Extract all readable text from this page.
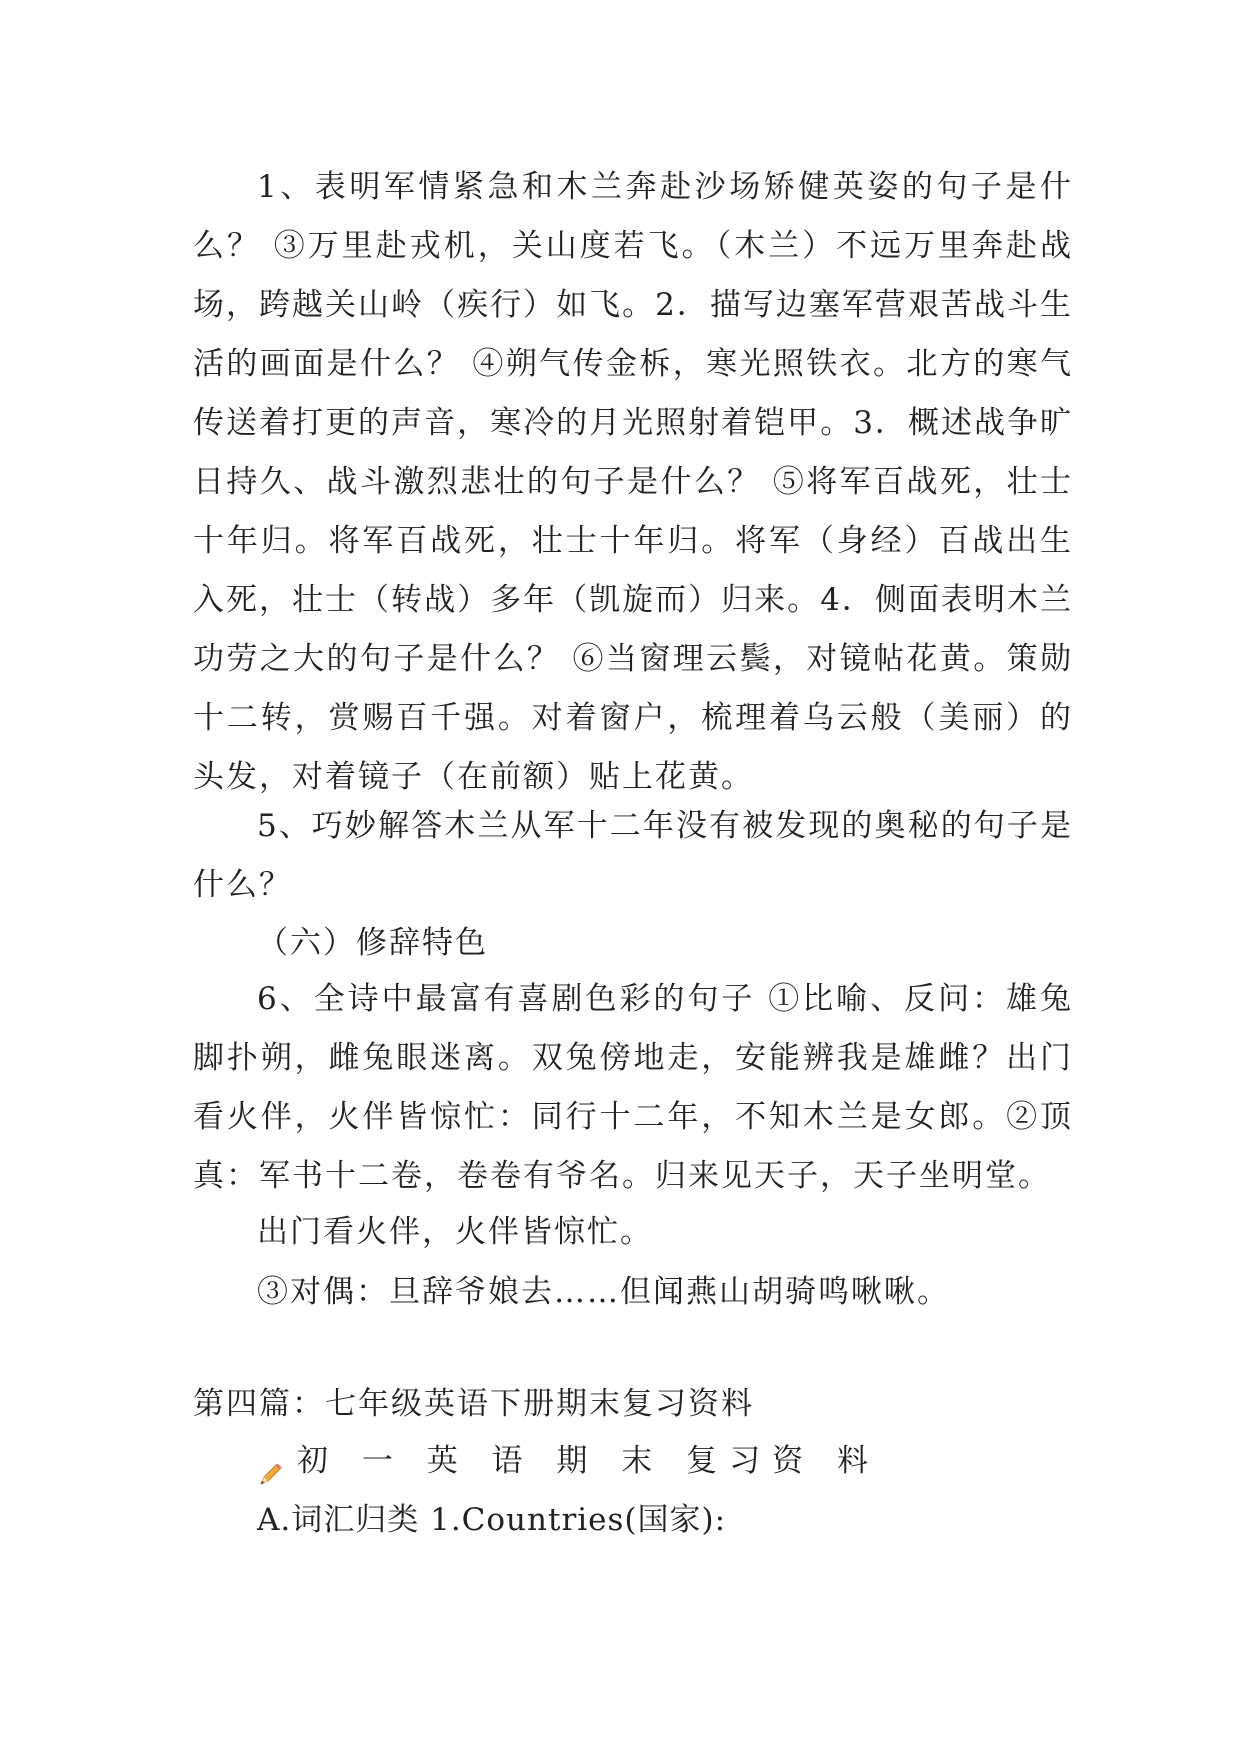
1、表明军情紧急和木兰奔赴沙场矫健英姿的句子是什么？ ③万里赴戎机，关山度若飞。（木兰）不远万里奔赴战场，跨越关山岭（疾行）如飞。2．描写边塞军营艰苦战斗生活的画面是什么？ ④朔气传金柝，寒光照铁衣。北方的寒气传送着打更的声音，寒冷的月光照射着铠甲。3．概述战争旷日持久、战斗激烈悲壮的句子是什么？ ⑤将军百战死，壮士十年归。将军百战死，壮士十年归。将军（身经）百战出生入死，壮士（转战）多年（凯旋而）归来。4．侧面表明木兰功劳之大的句子是什么？ ⑥当窗理云鬓，对镜帖花黄。策勋十二转，赏赐百千强。对着窗户，梳理着乌云般（美丽）的头发，对着镜子（在前额）贴上花黄。

5、巧妙解答木兰从军十二年没有被发现的奥秘的句子是什么？

（六）修辞特色

6、全诗中最富有喜剧色彩的句子 ①比喻、反问：雄兔脚扑朔，雌兔眼迷离。双兔傍地走，安能辨我是雄雌？出门看火伴，火伴皆惊忙：同行十二年，不知木兰是女郎。②顶真：军书十二卷，卷卷有爷名。归来见天子，天子坐明堂。

出门看火伴，火伴皆惊忙。

③对偶：旦辞爷娘去……但闻燕山胡骑鸣啾啾。

第四篇：七年级英语下册期末复习资料

初 一 英 语 期 末 复习资 料

A.词汇归类 1.Countries(国家):
